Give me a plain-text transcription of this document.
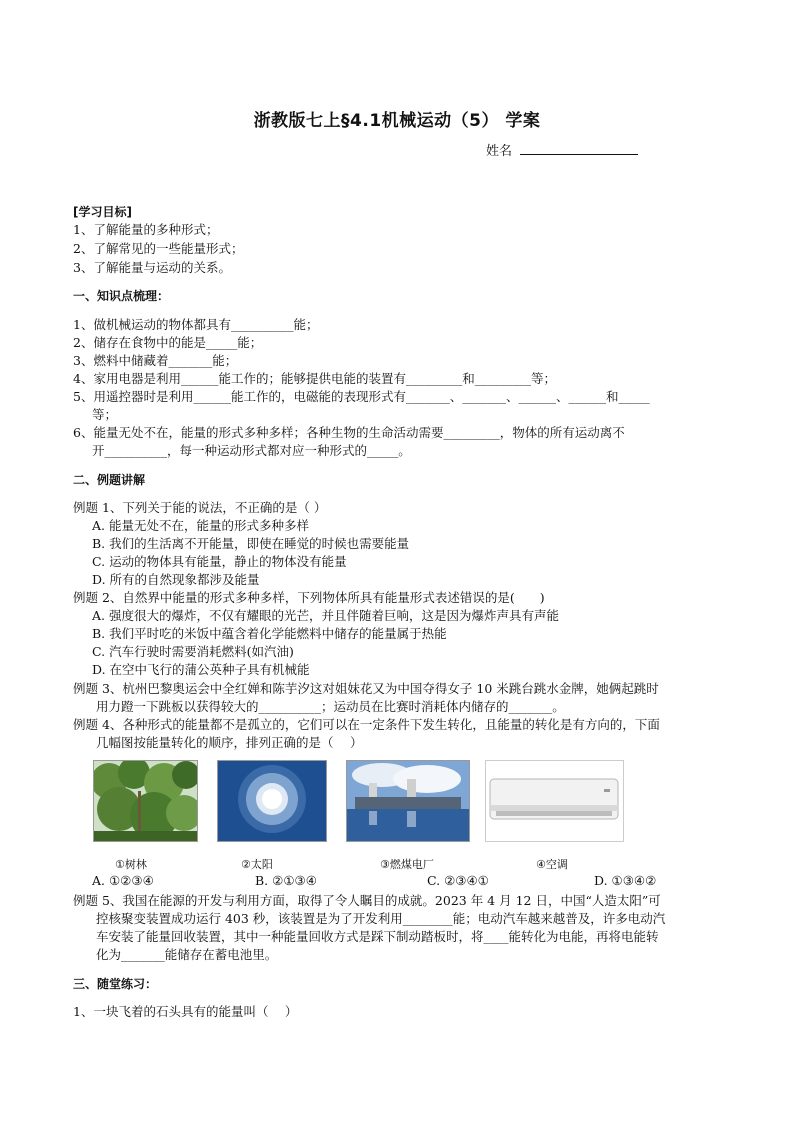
浙教版七上§4.1机械运动（5） 学案
姓名
[学习目标]
1、了解能量的多种形式；
2、了解常见的一些能量形式；
3、了解能量与运动的关系。
一、知识点梳理：
1、做机械运动的物体都具有__________能；
2、储存在食物中的能是_____能；
3、燃料中储藏着_______能；
4、家用电器是利用______能工作的；能够提供电能的装置有_________和_________等；
5、用遥控器时是利用______能工作的，电磁能的表现形式有_______、_______、______、______和_____
等；
6、能量无处不在，能量的形式多种多样；各种生物的生命活动需要_________，物体的所有运动离不
开__________，每一种运动形式都对应一种形式的_____。
二、例题讲解
例题 1、下列关于能的说法，不正确的是（ ）
A. 能量无处不在，能量的形式多种多样
B. 我们的生活离不开能量，即使在睡觉的时候也需要能量
C. 运动的物体具有能量，静止的物体没有能量
D. 所有的自然现象都涉及能量
例题 2、自然界中能量的形式多种多样，下列物体所具有能量形式表述错误的是(　　)
A. 强度很大的爆炸，不仅有耀眼的光芒，并且伴随着巨响，这是因为爆炸声具有声能
B. 我们平时吃的米饭中蕴含着化学能燃料中储存的能量属于热能
C. 汽车行驶时需要消耗燃料(如汽油)
D. 在空中飞行的蒲公英种子具有机械能
例题 3、杭州巴黎奥运会中全红婵和陈芋汐这对姐妹花又为中国夺得女子 10 米跳台跳水金牌，她俩起跳时
用力蹬一下跳板以获得较大的__________；运动员在比赛时消耗体内储存的_______。
例题 4、各种形式的能量都不是孤立的，它们可以在一定条件下发生转化，且能量的转化是有方向的，下面
几幅图按能量转化的顺序，排列正确的是（　 ）
①树林	②太阳	③燃煤电厂	④空调
A. ①②③④	B. ②①③④	C. ②③④①	D. ①③④②
例题 5、我国在能源的开发与利用方面，取得了令人瞩目的成就。2023 年 4 月 12 日，中国“人造太阳”可
控核聚变装置成功运行 403 秒，该装置是为了开发利用________能；电动汽车越来越普及，许多电动汽
车安装了能量回收装置，其中一种能量回收方式是踩下制动踏板时，将____能转化为电能，再将电能转
化为_______能储存在蓄电池里。
三、随堂练习：
1、一块飞着的石头具有的能量叫（　 ）
